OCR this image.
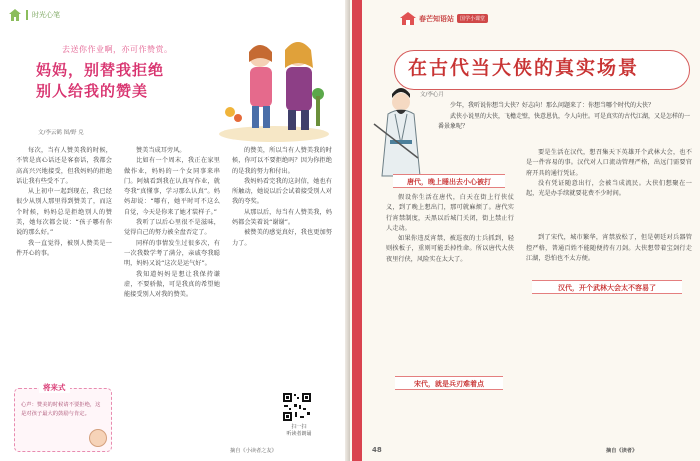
时光心笔
去送你作业啊，亦可作赞赏。
妈妈，别替我拒绝
别人给我的赞美
文/李云鹤 图/野 兑

每次，当有人赞美我的时候，不管是真心话还是客套话，我都会高高兴兴地接受，但我妈妈的拒绝话让我有些受不了。

从上初中一起到现在，我已经很少从别人那里得到赞美了，而这个时候，妈妈总是拒绝别人的赞美，她每次都会说：“孩子哪有你说的那么好。”

我一直觉得，被别人赞美是一件开心的事。

赞美当成耳旁风。

比如有一个周末，我正在家里做作业，妈妈的一个女同事来串门。阿姨看到我在认真写作业，就夸我“真懂事，学习那么认真”。妈妈却说：“哪有，她平时可不这么自觉，今天是你来了她才装样子。”

我听了以后心里很不是滋味，觉得自己的努力被全盘否定了。

同样的事情发生过很多次，有一次我数学考了满分，亲戚夸我聪明，妈妈又说“这次是运气好”。

我知道妈妈是想让我保持谦虚，不要骄傲，可是我真的希望她能接受别人对我的赞美。

的赞美，所以当有人赞美我的时候，你可以不要拒绝吗？因为你拒绝的是我的努力和付出。

我妈妈看完我的这封信，她也有所触动，她说以后会试着接受别人对我的夸奖。

从那以后，每当有人赞美我，妈妈都会笑着说“谢谢”。

被赞美的感觉真好，我也更加努力了。

将来式
心声：赞美的时候请不要拒绝，这是对孩子最大的鼓励与肯定。
扫一扫
听读者朗诵
摘自《小读者之友》
春芒知语站	国学小课堂
在古代当大侠的真实场景
文/李心月

少年，我听说你想当大侠？好志向！那么问题来了：你想当哪个时代的大侠？

武侠小说里的大侠，飞檐走壁，快意恩仇，令人向往。可是真实的古代江湖，又是怎样的一番景象呢？

假设你生活在唐代，白天在街上行侠仗义，到了晚上想出门，那可就麻烦了。唐代实行宵禁制度，天黑以后城门关闭，街上禁止行人走动。

如果你违反宵禁，被巡夜的士兵抓到，轻则挨板子，重则可能丢掉性命。所以唐代大侠夜里行侠，风险实在太大了。

要是生活在汉代，想召集天下英雄开个武林大会，也不是一件容易的事。汉代对人口流动管理严格，出远门需要官府开具的通行凭证。

没有凭证随意出行，会被当成流民。大侠们想聚在一起，光是办手续就要花费不少时间。

到了宋代，城市繁华，宵禁放松了，但是朝廷对兵器管控严格，普通百姓不能随便持有刀剑。大侠想带着宝剑行走江湖，恐怕也不太方便。

唐代，晚上睡出去小心被打
宋代，就是兵刃难着点
汉代，开个武林大会太不容易了
48	摘自《读者》
